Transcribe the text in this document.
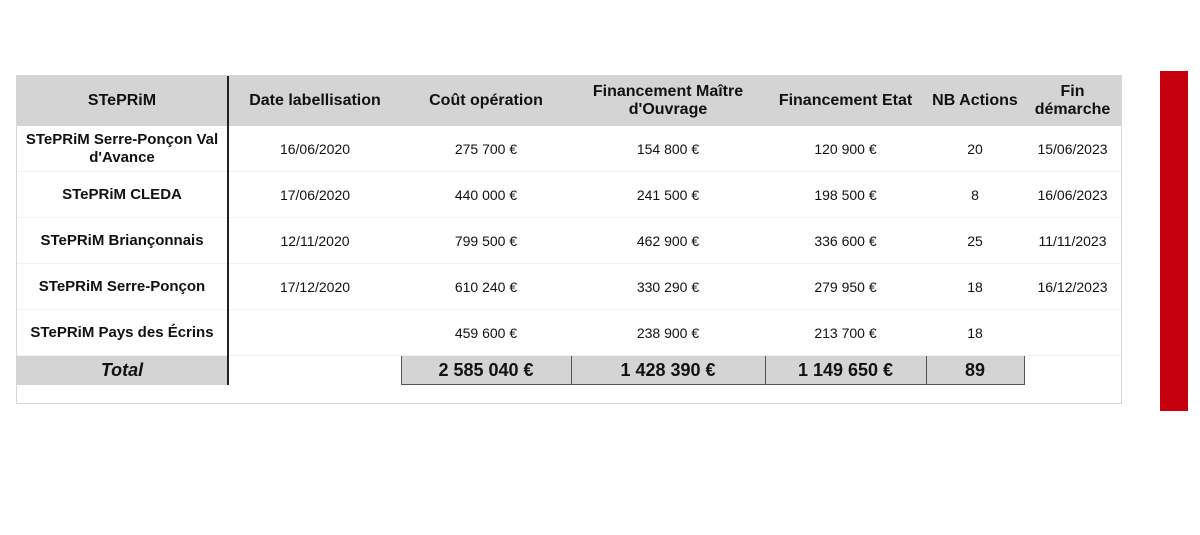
STePRiM	Date labellisation	Coût opération	Financement Maître d'Ouvrage	Financement Etat	NB Actions	Fin démarche
STePRiM Serre-Ponçon Val d'Avance	16/06/2020	275 700 €	154 800 €	120 900 €	20	15/06/2023
STePRiM CLEDA	17/06/2020	440 000 €	241 500 €	198 500 €	8	16/06/2023
STePRiM Briançonnais	12/11/2020	799 500 €	462 900 €	336 600 €	25	11/11/2023
STePRiM Serre-Ponçon	17/12/2020	610 240 €	330 290 €	279 950 €	18	16/12/2023
STePRiM Pays des Écrins		459 600 €	238 900 €	213 700 €	18	
Total		2 585 040 €	1 428 390 €	1 149 650 €	89	
